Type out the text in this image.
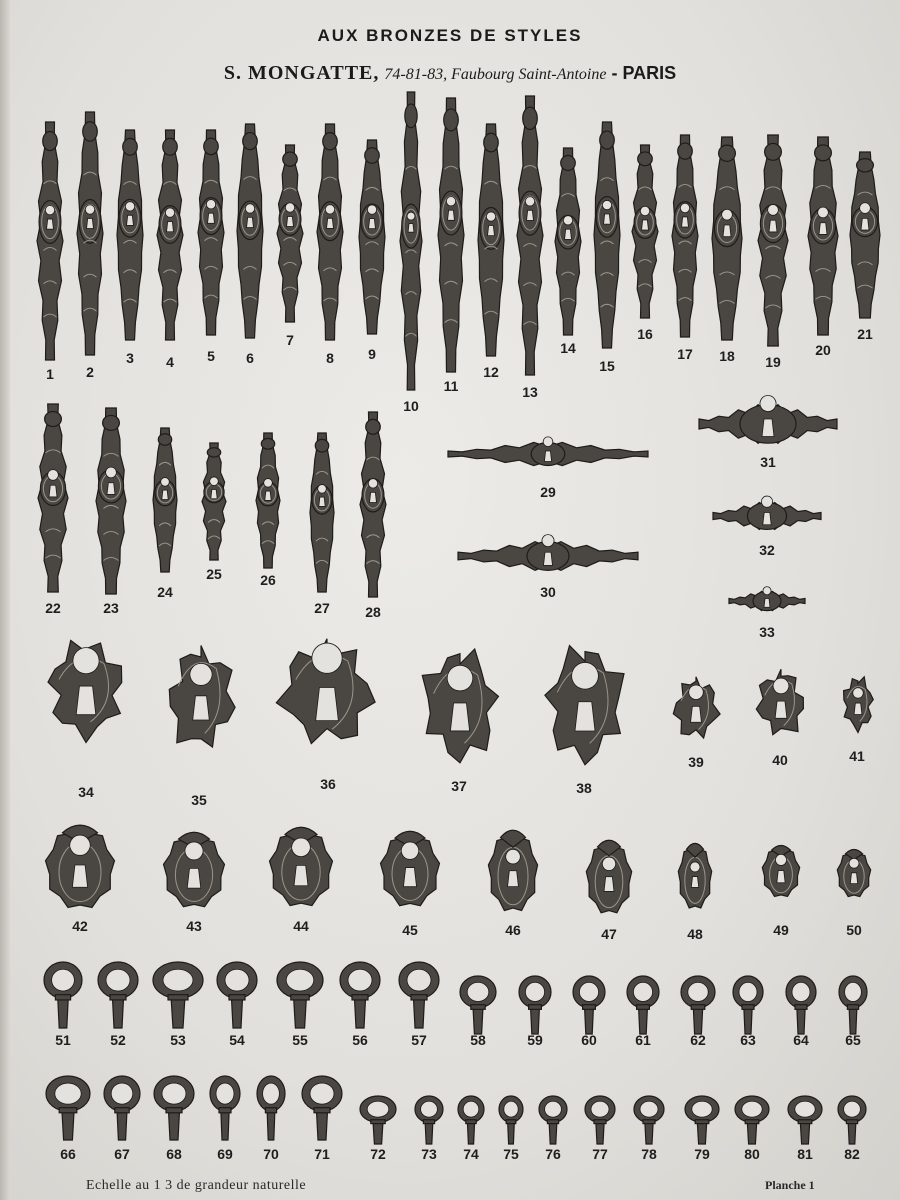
AUX BRONZES DE STYLES
S. MONGATTE, 74-81-83, Faubourg Saint-Antoine - PARIS
1 2
3 4 5 6
7
8 9
10
11
12
13
14
15
16
17 18 19
20
21
22	23
24
25	26
27	28
29
30
31
32
33
34	35
36	37	38
39	40	41
42	43	44	45	46	47	48	49	50
51	52	53	54	55	56	57	58	59	60	61	62 63	64	65
66	67	68	69 70	71	72	73 74 75 76 77 78	79 80	81 82
Echelle au 1 3 de grandeur naturelle	Planche 1
